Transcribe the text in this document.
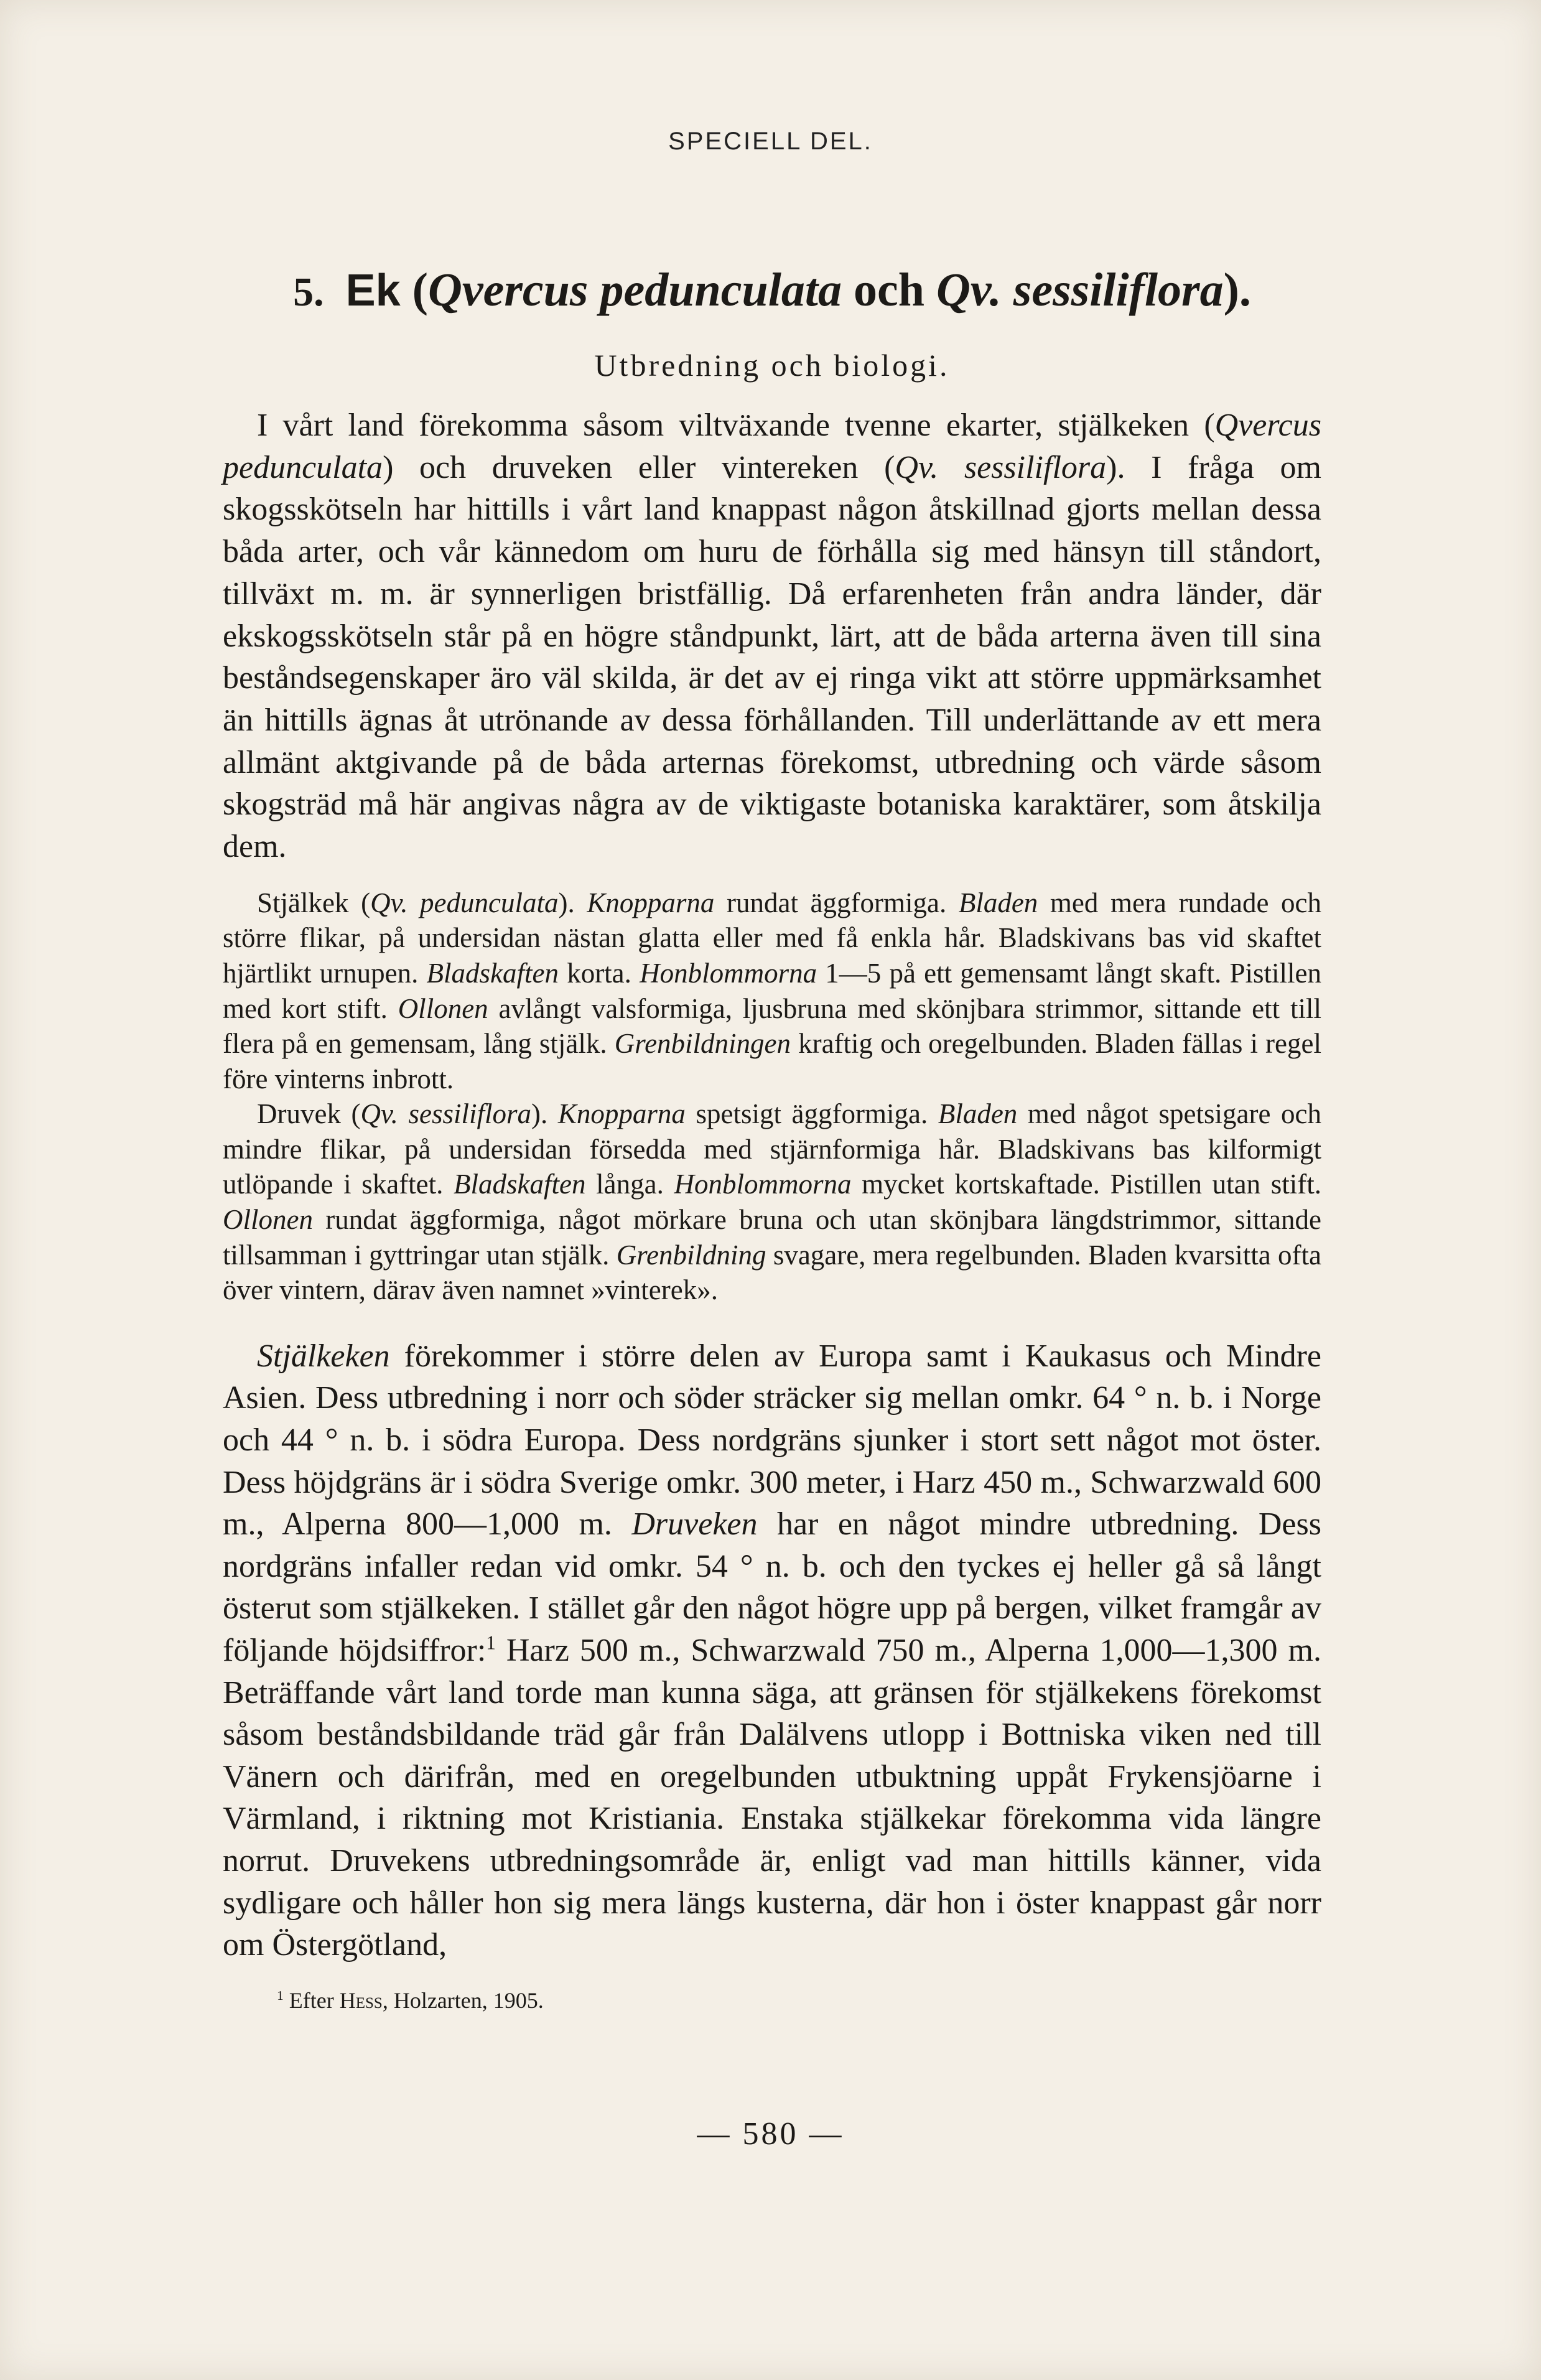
SPECIELL DEL.
5. Ek (Qvercus pedunculata och Qv. sessiliflora).
Utbredning och biologi.

I vårt land förekomma såsom viltväxande tvenne ekarter, stjälkeken (Qvercus pedunculata) och druveken eller vintereken (Qv. sessiliflora). I fråga om skogsskötseln har hittills i vårt land knappast någon åtskillnad gjorts mellan dessa båda arter, och vår kännedom om huru de förhålla sig med hänsyn till ståndort, tillväxt m. m. är synnerligen bristfällig. Då erfarenheten från andra länder, där ekskogsskötseln står på en högre ståndpunkt, lärt, att de båda arterna även till sina beståndsegenskaper äro väl skilda, är det av ej ringa vikt att större uppmärksamhet än hittills ägnas åt utrönande av dessa förhållanden. Till underlättande av ett mera allmänt aktgivande på de båda arternas förekomst, utbredning och värde såsom skogsträd må här angivas några av de viktigaste botaniska karaktärer, som åtskilja dem.

Stjälkek (Qv. pedunculata). Knopparna rundat äggformiga. Bladen med mera rundade och större flikar, på undersidan nästan glatta eller med få enkla hår. Bladskivans bas vid skaftet hjärtlikt urnupen. Bladskaften korta. Honblommorna 1—5 på ett gemensamt långt skaft. Pistillen med kort stift. Ollonen avlångt valsformiga, ljusbruna med skönjbara strimmor, sittande ett till flera på en gemensam, lång stjälk. Grenbildningen kraftig och oregelbunden. Bladen fällas i regel före vinterns inbrott.

Druvek (Qv. sessiliflora). Knopparna spetsigt äggformiga. Bladen med något spetsigare och mindre flikar, på undersidan försedda med stjärnformiga hår. Bladskivans bas kilformigt utlöpande i skaftet. Bladskaften långa. Honblommorna mycket kortskaftade. Pistillen utan stift. Ollonen rundat äggformiga, något mörkare bruna och utan skönjbara längdstrimmor, sittande tillsamman i gyttringar utan stjälk. Grenbildning svagare, mera regelbunden. Bladen kvarsitta ofta över vintern, därav även namnet »vinterek».

Stjälkeken förekommer i större delen av Europa samt i Kaukasus och Mindre Asien. Dess utbredning i norr och söder sträcker sig mellan omkr. 64 ° n. b. i Norge och 44 ° n. b. i södra Europa. Dess nordgräns sjunker i stort sett något mot öster. Dess höjdgräns är i södra Sverige omkr. 300 meter, i Harz 450 m., Schwarzwald 600 m., Alperna 800—1,000 m. Druveken har en något mindre utbredning. Dess nordgräns infaller redan vid omkr. 54 ° n. b. och den tyckes ej heller gå så långt österut som stjälkeken. I stället går den något högre upp på bergen, vilket framgår av följande höjdsiffror:$^1$ Harz 500 m., Schwarzwald 750 m., Alperna 1,000—1,300 m. Beträffande vårt land torde man kunna säga, att gränsen för stjälkekens förekomst såsom beståndsbildande träd går från Dalälvens utlopp i Bottniska viken ned till Vänern och därifrån, med en oregelbunden utbuktning uppåt Frykensjöarne i Värmland, i riktning mot Kristiania. Enstaka stjälkekar förekomma vida längre norrut. Druvekens utbredningsområde är, enligt vad man hittills känner, vida sydligare och håller hon sig mera längs kusterna, där hon i öster knappast går norr om Östergötland,

$^1$ Efter Hess, Holzarten, 1905.
— 580 —
